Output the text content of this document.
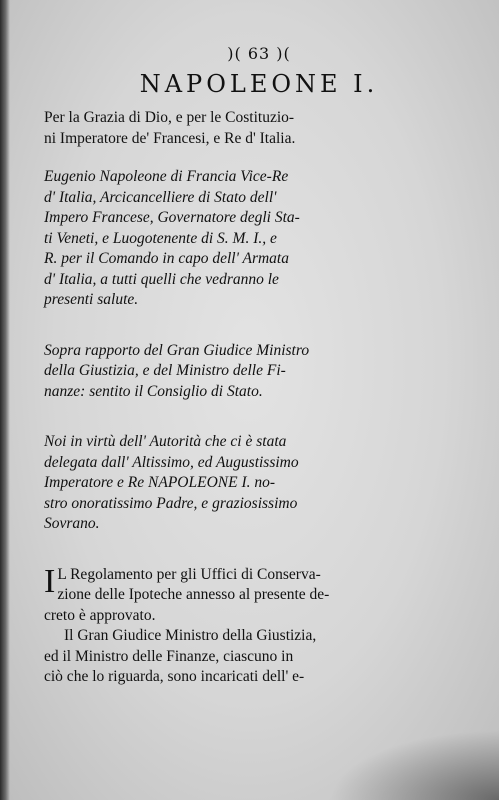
)( 63 )(
NAPOLEONE I.
Per la Grazia di Dio, e per le Costituzio-
ni Imperatore de' Francesi, e Re d' Italia.
Eugenio Napoleone di Francia Vice-Re
d' Italia, Arcicancelliere di Stato dell'
Impero Francese, Governatore degli Sta-
ti Veneti, e Luogotenente di S. M. I., e
R. per il Comando in capo dell' Armata
d' Italia, a tutti quelli che vedranno le
presenti salute.
Sopra rapporto del Gran Giudice Ministro
della Giustizia, e del Ministro delle Fi-
nanze: sentito il Consiglio di Stato.
Noi in virtù dell' Autorità che ci è stata
delegata dall' Altissimo, ed Augustissimo
Imperatore e Re NAPOLEONE I. no-
stro onoratissimo Padre, e graziosissimo
Sovrano.
I L Regolamento per gli Uffici di Conserva-
zione delle Ipoteche annesso al presente de-
creto è approvato.
Il Gran Giudice Ministro della Giustizia,
ed il Ministro delle Finanze, ciascuno in
ciò che lo riguarda, sono incaricati dell' e-
